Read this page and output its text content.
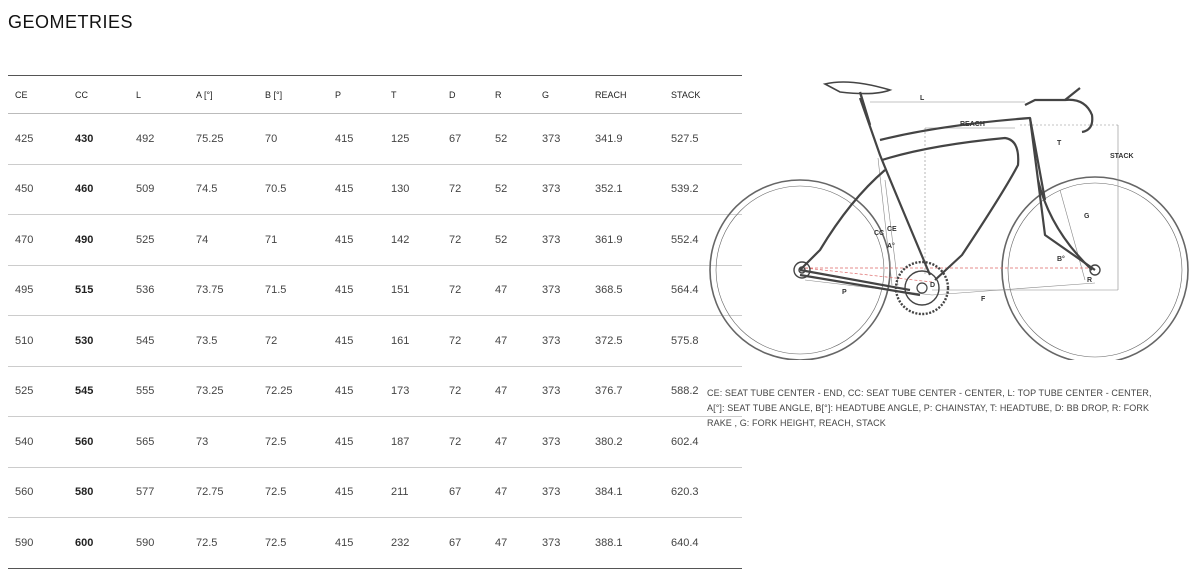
GEOMETRIES
CE	CC	L	A [°]	B [°]	P	T	D	R	G	REACH	STACK
425	430	492	75.25	70	415	125	67	52	373	341.9	527.5
450	460	509	74.5	70.5	415	130	72	52	373	352.1	539.2
470	490	525	74	71	415	142	72	52	373	361.9	552.4
495	515	536	73.75	71.5	415	151	72	47	373	368.5	564.4
510	530	545	73.5	72	415	161	72	47	373	372.5	575.8
525	545	555	73.25	72.25	415	173	72	47	373	376.7	588.2
540	560	565	73	72.5	415	187	72	47	373	380.2	602.4
560	580	577	72.75	72.5	415	211	67	47	373	384.1	620.3
590	600	590	72.5	72.5	415	232	67	47	373	388.1	640.4
L
REACH
STACK
T
G
CC
CE
A°
B°
D
R
P
F

CE: SEAT TUBE CENTER - END, CC: SEAT TUBE CENTER - CENTER, L: TOP TUBE CENTER - CENTER, A[°]: SEAT TUBE ANGLE, B[°]: HEADTUBE ANGLE, P: CHAINSTAY, T: HEADTUBE, D: BB DROP, R: FORK RAKE , G: FORK HEIGHT, REACH, STACK
